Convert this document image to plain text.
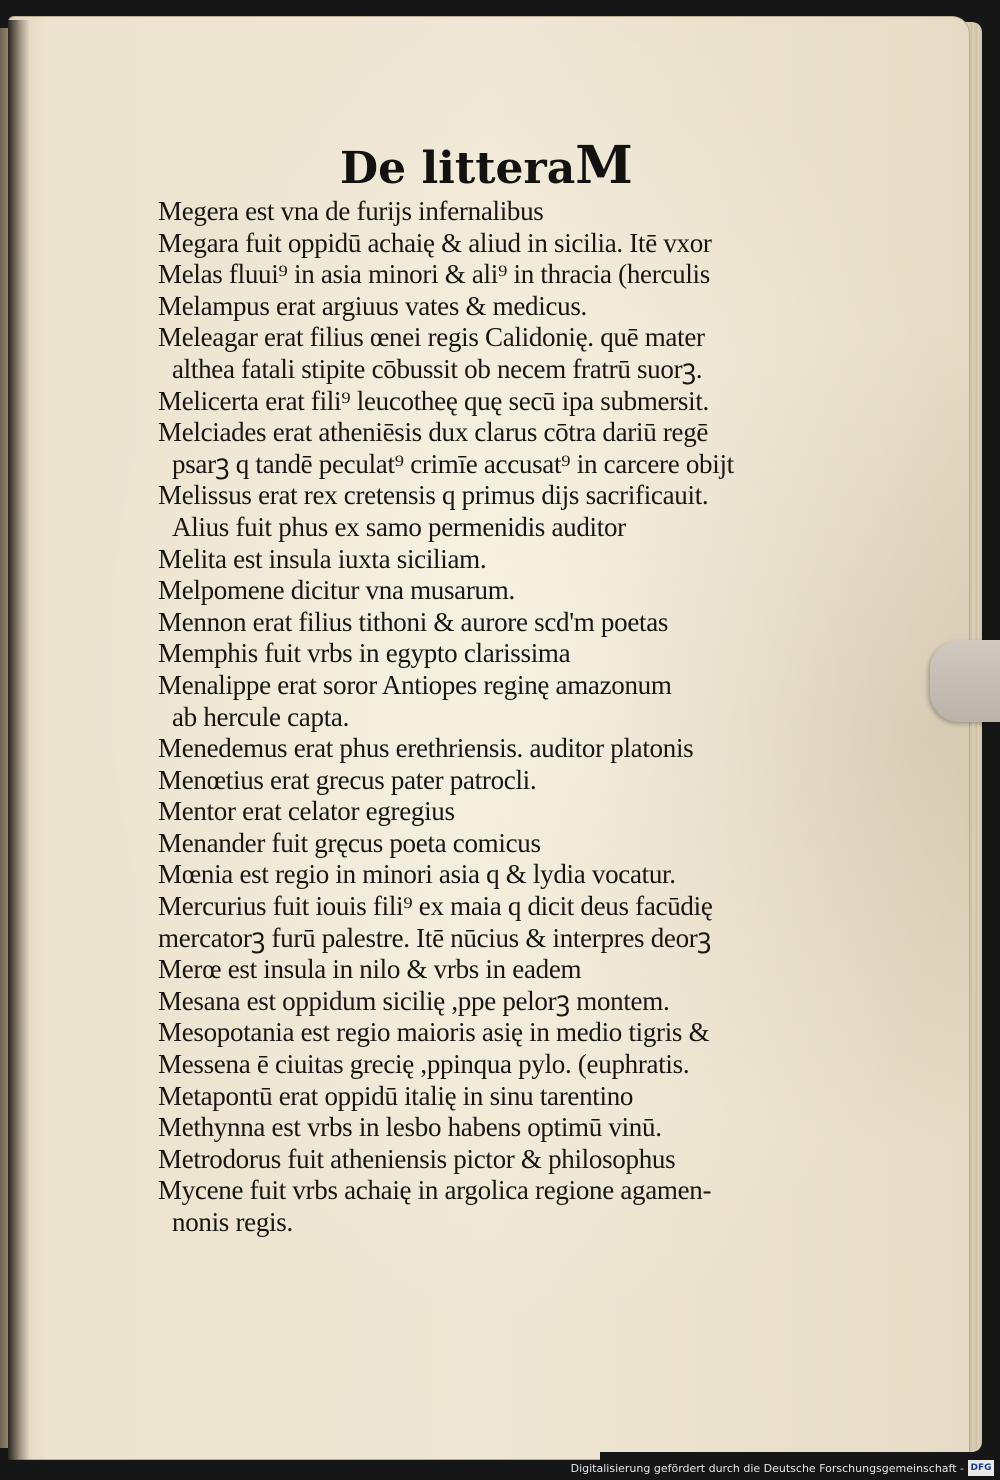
De litteraM
Megera est vna de furijs infernalibus
Megara fuit oppidū achaię & aliud in sicilia. Itē vxor
Melas fluui⁹ in asia minori & ali⁹ in thracia (herculis
Melampus erat argiuus vates & medicus.
Meleagar erat filius œnei regis Calidonię. quē mater
althea fatali stipite cōbussit ob necem fratrū suorꝫ.
Melicerta erat fili⁹ leucotheę quę secū ipa submersit.
Melciades erat atheniēsis dux clarus cōtra dariū regē
psarꝫ q tandē peculat⁹ crimīe accusat⁹ in carcere obijt
Melissus erat rex cretensis q primus dijs sacrificauit.
Alius fuit phus ex samo permenidis auditor
Melita est insula iuxta siciliam.
Melpomene dicitur vna musarum.
Mennon erat filius tithoni & aurore scd'm poetas
Memphis fuit vrbs in egypto clarissima
Menalippe erat soror Antiopes reginę amazonum
ab hercule capta.
Menedemus erat phus erethriensis. auditor platonis
Menœtius erat grecus pater patrocli.
Mentor erat celator egregius
Menander fuit gręcus poeta comicus
Mœnia est regio in minori asia q & lydia vocatur.
Mercurius fuit iouis fili⁹ ex maia q dicit deus facūdię
mercatorꝫ furū palestre. Itē nūcius & interpres deorꝫ
Merœ est insula in nilo & vrbs in eadem
Mesana est oppidum sicilię ,ppe pelorꝫ montem.
Mesopotania est regio maioris asię in medio tigris &
Messena ē ciuitas grecię ,ppinqua pylo. (euphratis.
Metapontū erat oppidū italię in sinu tarentino
Methynna est vrbs in lesbo habens optimū vinū.
Metrodorus fuit atheniensis pictor & philosophus
Mycene fuit vrbs achaię in argolica regione agamen-
nonis regis.
Digitalisierung gefördert durch die Deutsche Forschungsgemeinschaft - DFG
